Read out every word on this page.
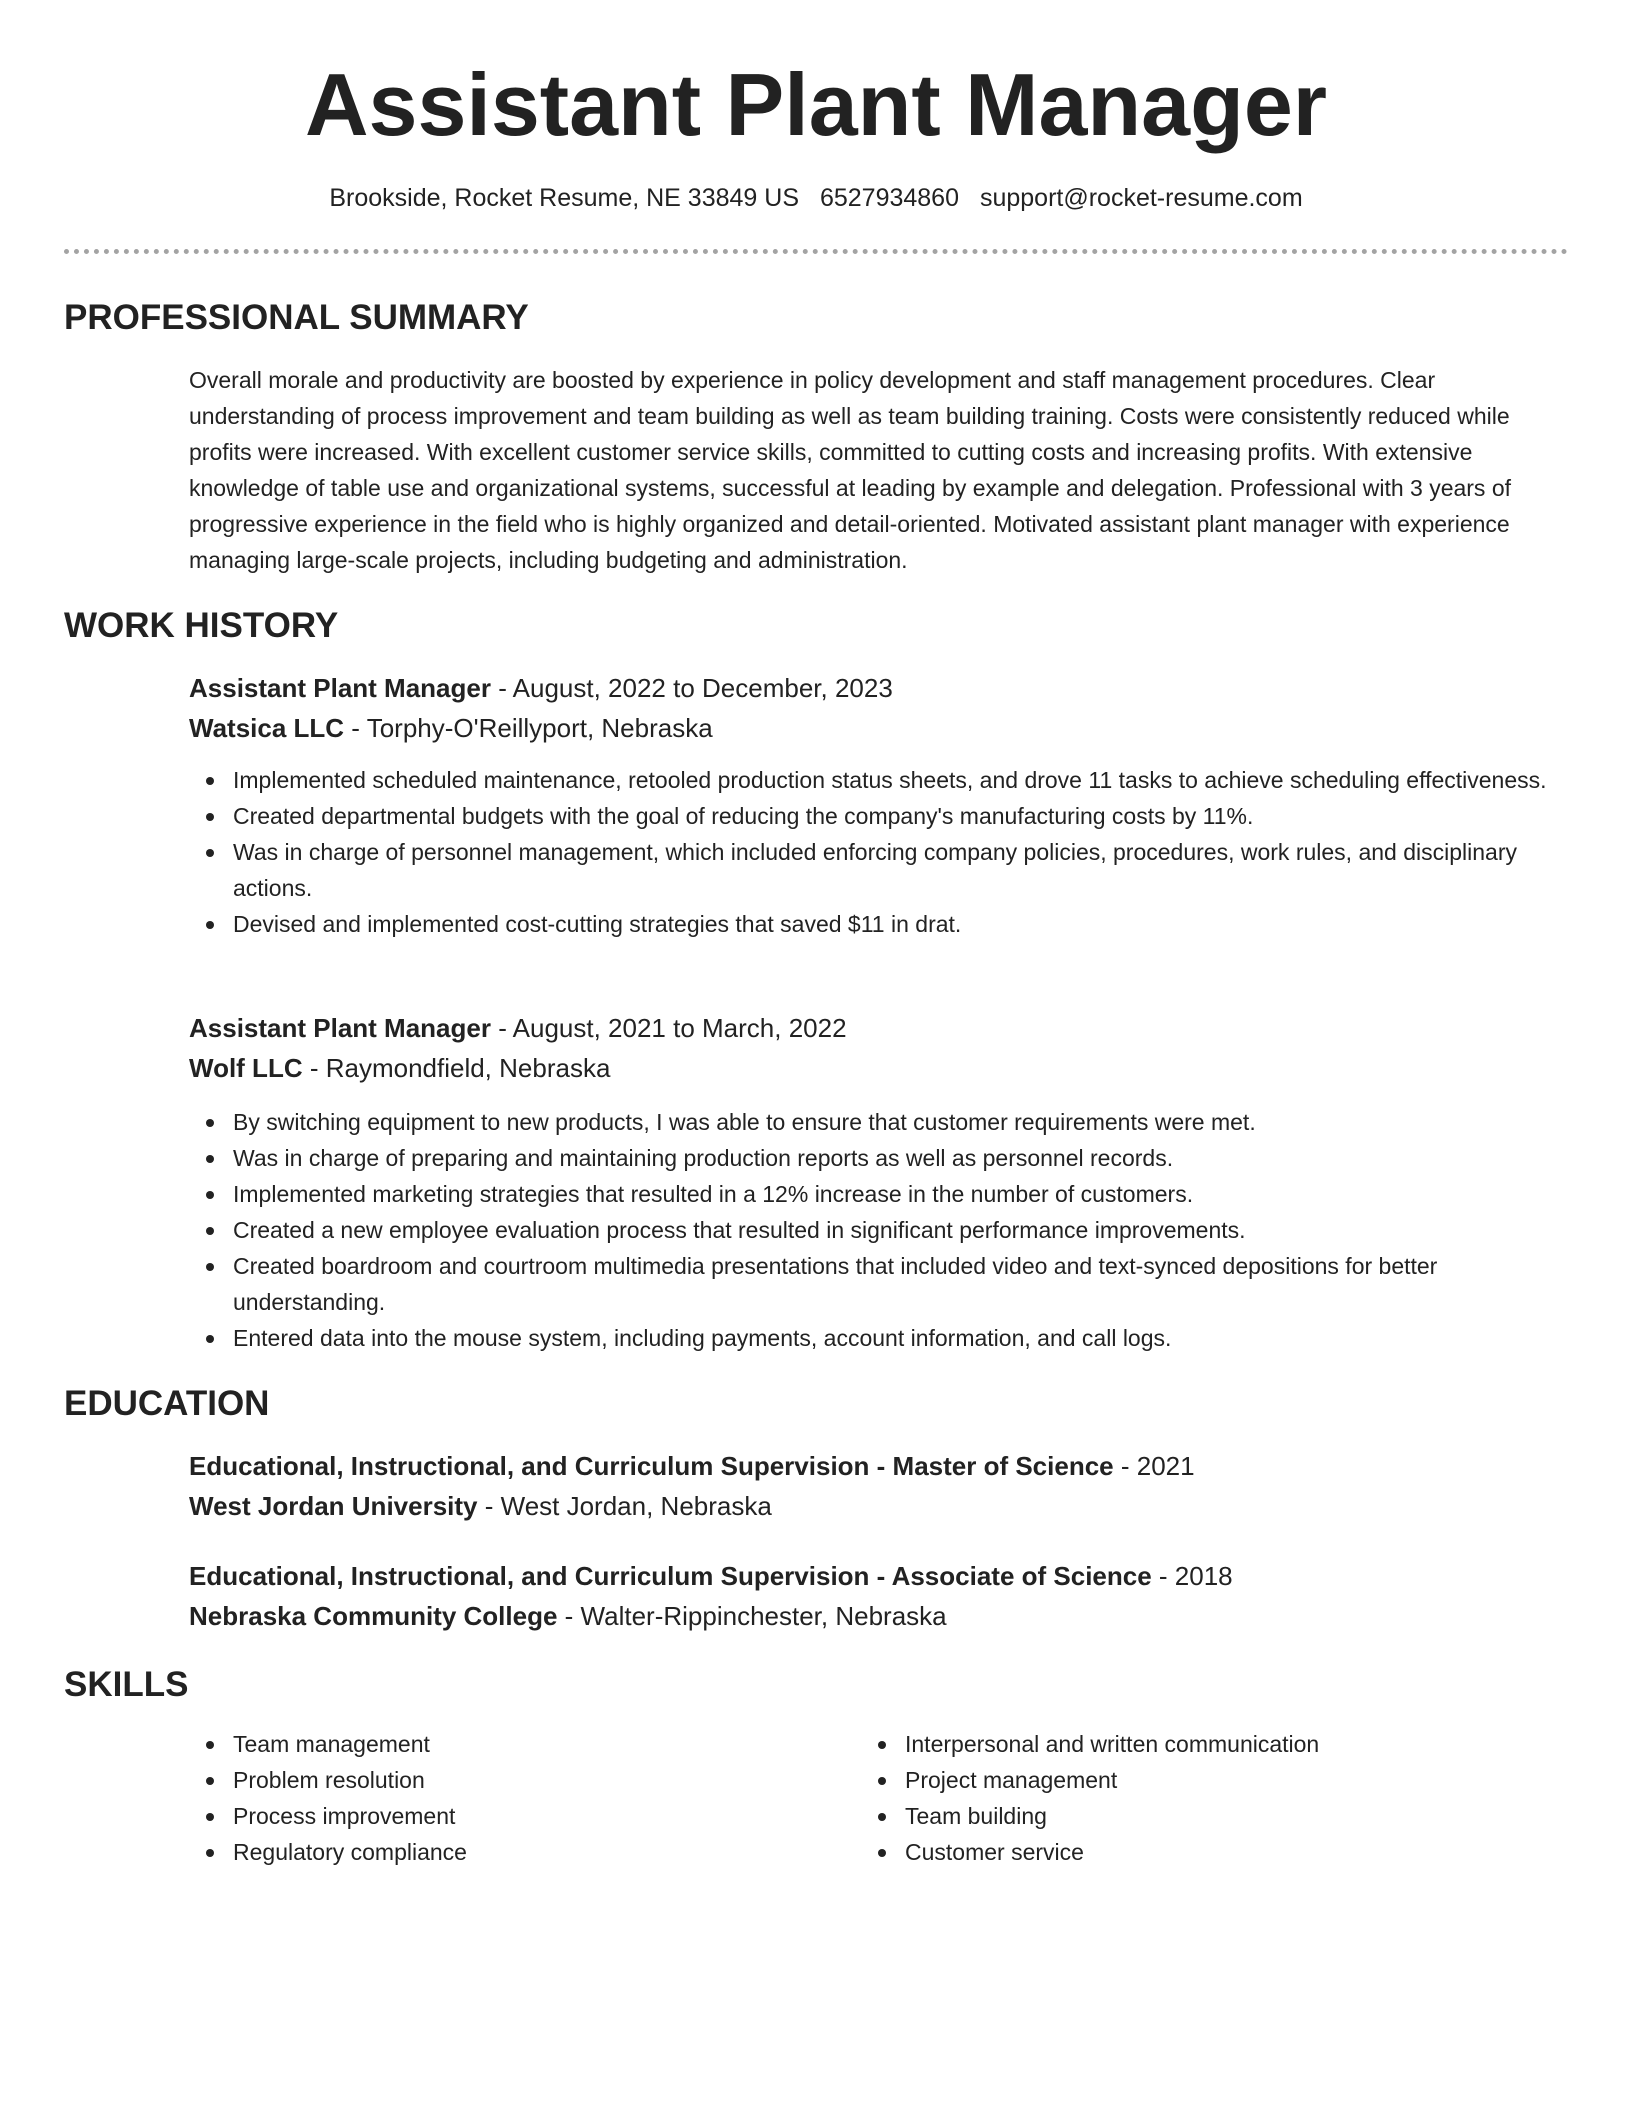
Assistant Plant Manager
Brookside, Rocket Resume, NE 33849 US 6527934860 support@rocket-resume.com
PROFESSIONAL SUMMARY
Overall morale and productivity are boosted by experience in policy development and staff management procedures. Clear understanding of process improvement and team building as well as team building training. Costs were consistently reduced while profits were increased. With excellent customer service skills, committed to cutting costs and increasing profits. With extensive knowledge of table use and organizational systems, successful at leading by example and delegation. Professional with 3 years of progressive experience in the field who is highly organized and detail-oriented. Motivated assistant plant manager with experience managing large-scale projects, including budgeting and administration.
WORK HISTORY
Assistant Plant Manager - August, 2022 to December, 2023
Watsica LLC - Torphy-O'Reillyport, Nebraska
Implemented scheduled maintenance, retooled production status sheets, and drove 11 tasks to achieve scheduling effectiveness.
Created departmental budgets with the goal of reducing the company's manufacturing costs by 11%.
Was in charge of personnel management, which included enforcing company policies, procedures, work rules, and disciplinary actions.
Devised and implemented cost-cutting strategies that saved $11 in drat.
Assistant Plant Manager - August, 2021 to March, 2022
Wolf LLC - Raymondfield, Nebraska
By switching equipment to new products, I was able to ensure that customer requirements were met.
Was in charge of preparing and maintaining production reports as well as personnel records.
Implemented marketing strategies that resulted in a 12% increase in the number of customers.
Created a new employee evaluation process that resulted in significant performance improvements.
Created boardroom and courtroom multimedia presentations that included video and text-synced depositions for better understanding.
Entered data into the mouse system, including payments, account information, and call logs.
EDUCATION
Educational, Instructional, and Curriculum Supervision - Master of Science - 2021
West Jordan University - West Jordan, Nebraska
Educational, Instructional, and Curriculum Supervision - Associate of Science - 2018
Nebraska Community College - Walter-Rippinchester, Nebraska
SKILLS
Team management
Problem resolution
Process improvement
Regulatory compliance
Interpersonal and written communication
Project management
Team building
Customer service
